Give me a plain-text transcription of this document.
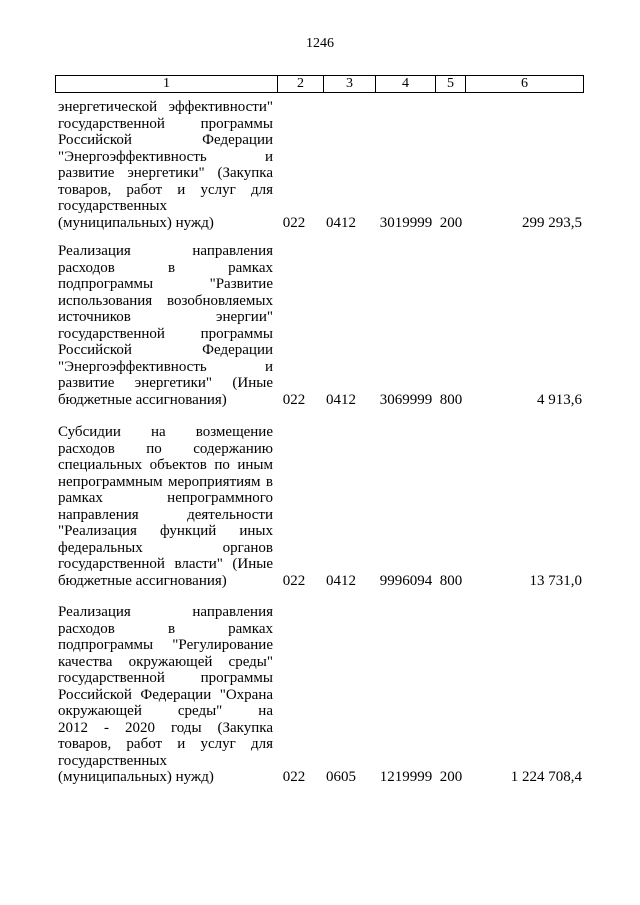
1246
1	2	3	4	5	6
энергетической эффективности"
государственной программы
Российской Федерации
"Энергоэффективность и
развитие энергетики" (Закупка
товаров, работ и услуг для
государственных
(муниципальных) нужд)	022 0412 3019999 200	299 293,5
Реализация направления
расходов в рамках
подпрограммы "Развитие
использования возобновляемых
источников энергии"
государственной программы
Российской Федерации
"Энергоэффективность и
развитие энергетики" (Иные
бюджетные ассигнования)	022 0412 3069999 800	4 913,6
Субсидии на возмещение
расходов по содержанию
специальных объектов по иным
непрограммным мероприятиям в
рамках непрограммного
направления деятельности
"Реализация функций иных
федеральных органов
государственной власти" (Иные
бюджетные ассигнования)	022 0412 9996094 800	13 731,0
Реализация направления
расходов в рамках
подпрограммы "Регулирование
качества окружающей среды"
государственной программы
Российской Федерации "Охрана
окружающей среды" на
2012 - 2020 годы (Закупка
товаров, работ и услуг для
государственных
(муниципальных) нужд)	022 0605 1219999 200	1 224 708,4
